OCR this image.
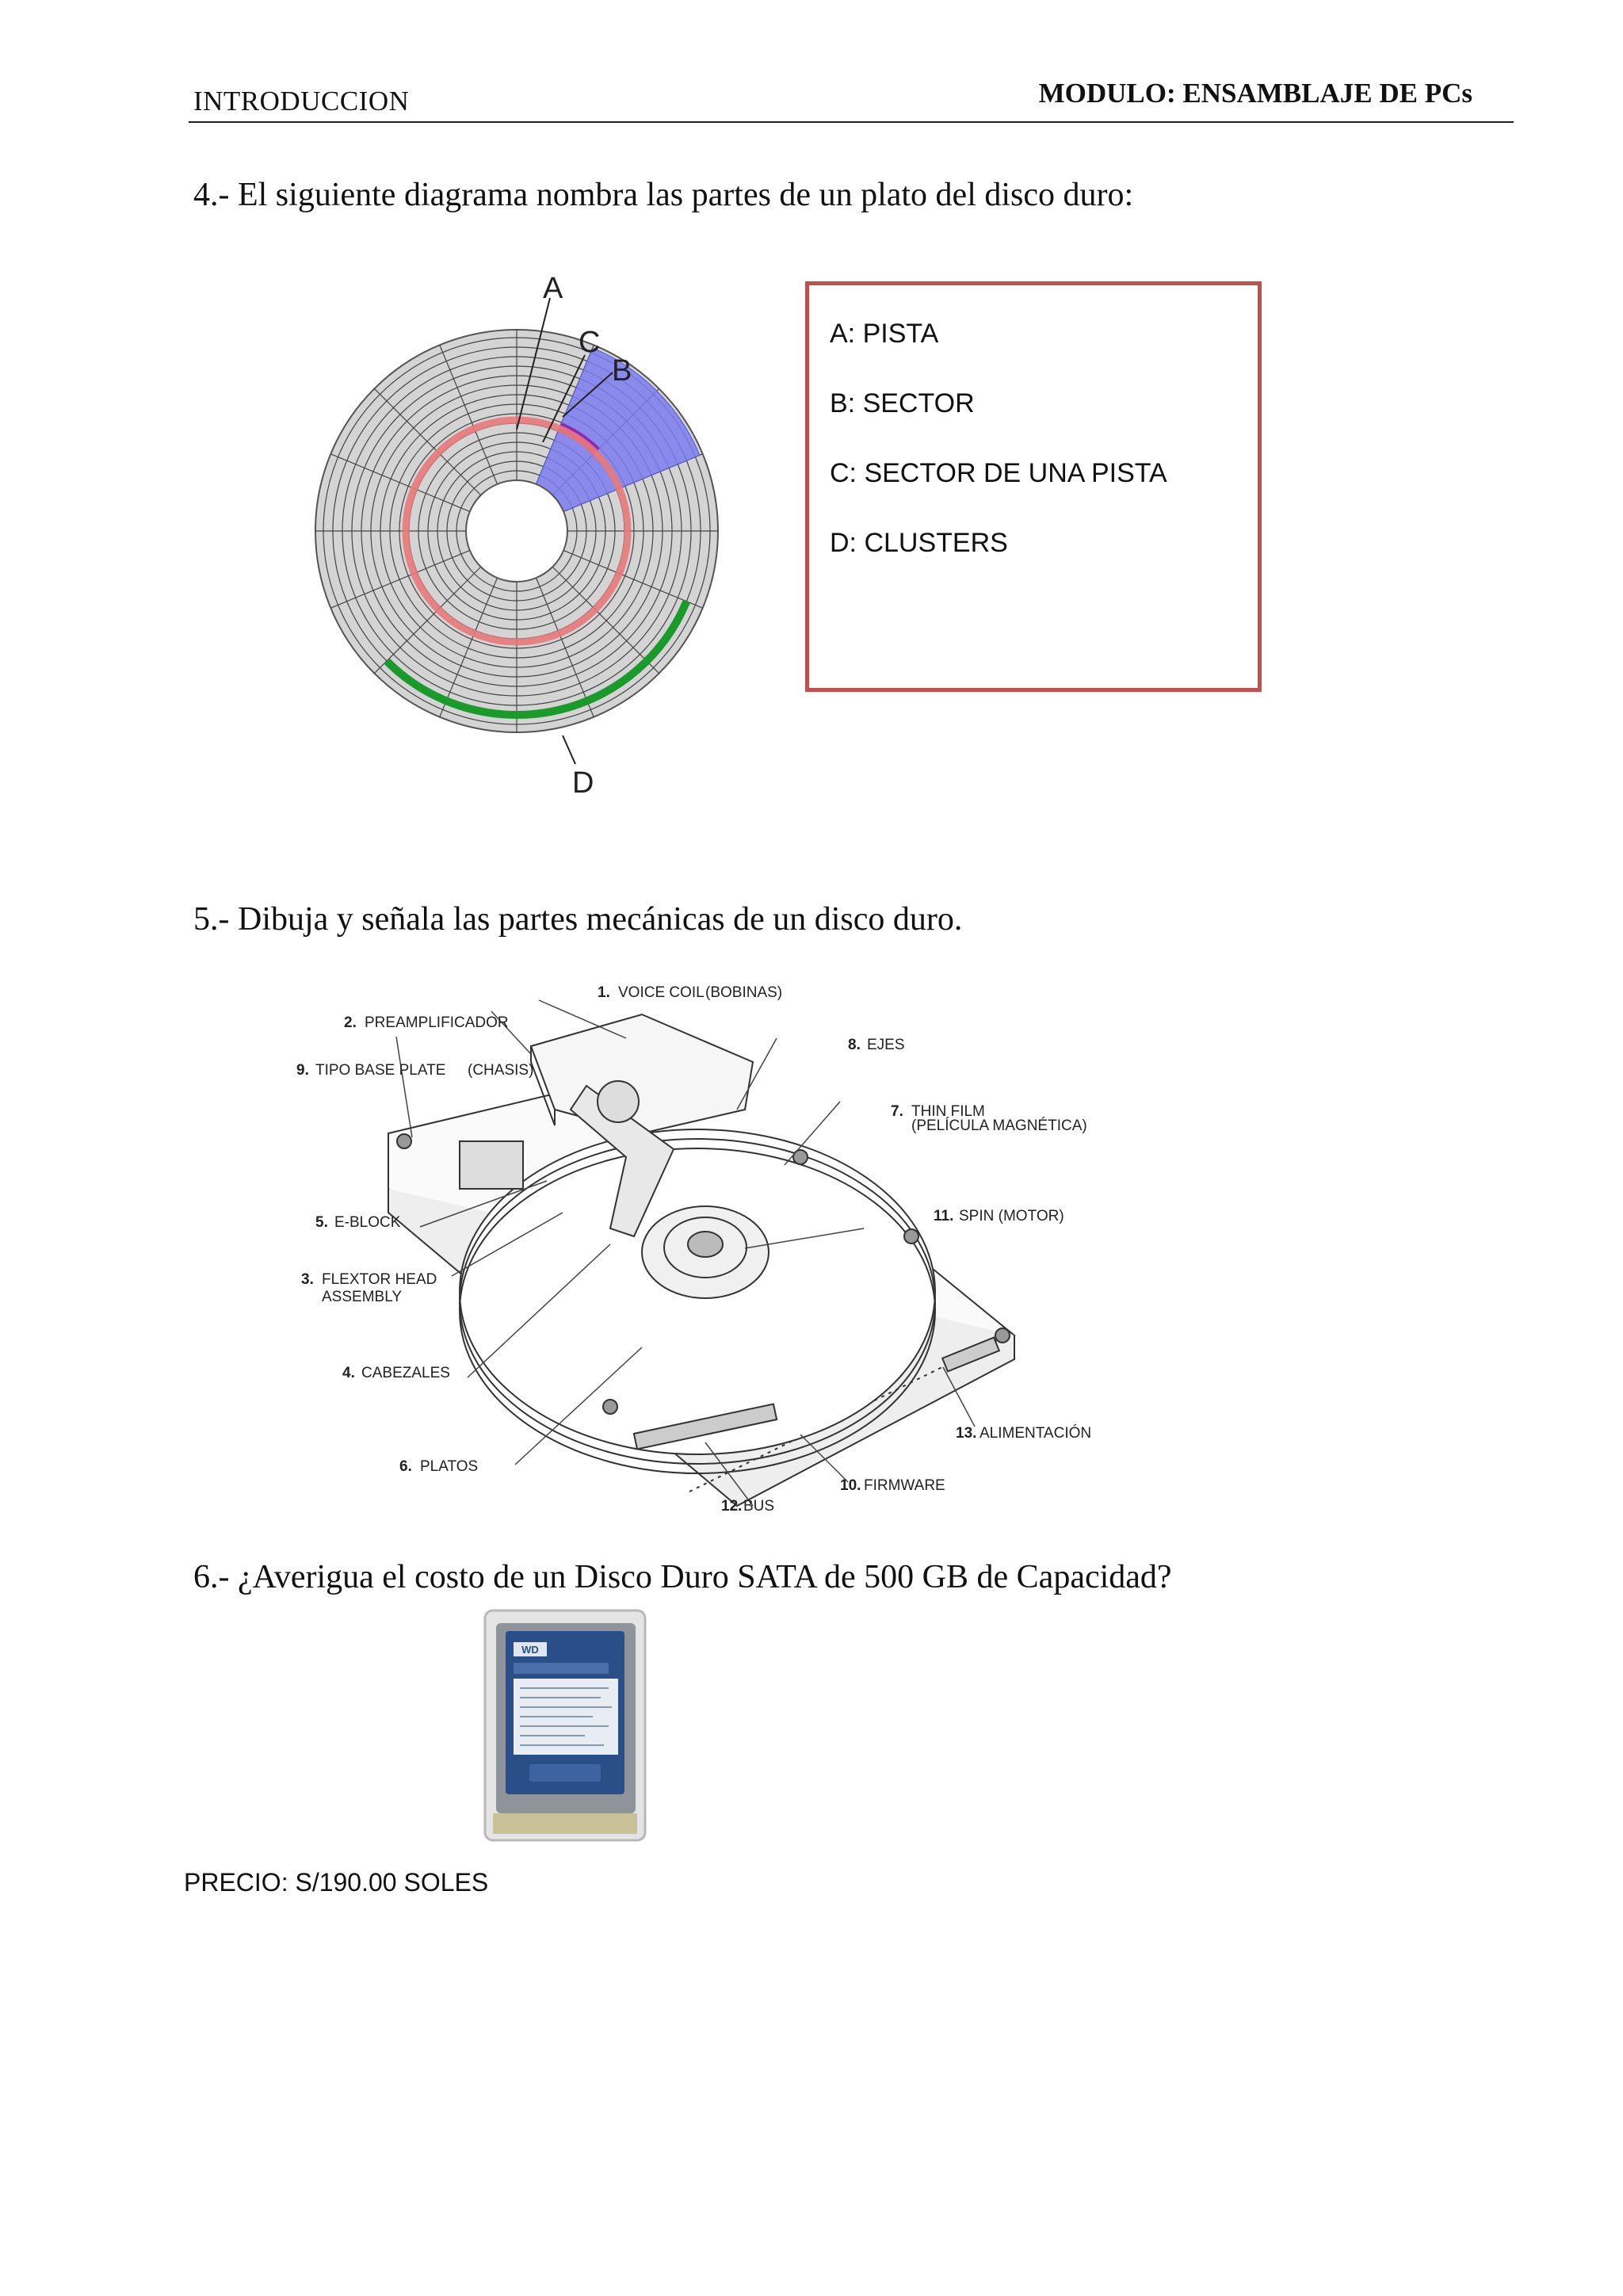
INTRODUCCION	MODULO: ENSAMBLAJE DE PCs
4.- El siguiente diagrama nombra las partes de un plato del disco duro:
A
C
B
D
A: PISTA
B: SECTOR
C: SECTOR DE UNA PISTA
D: CLUSTERS
5.- Dibuja y señala las partes mecánicas de un disco duro.
1. VOICE COIL (BOBINAS)
2. PREAMPLIFICADOR
9. TIPO BASE PLATE (CHASIS)
8. EJES
7. THIN FILM
(PELÍCULA MAGNÉTICA)
11. SPIN (MOTOR)
5. E-BLOCK
3. FLEXTOR HEAD
ASSEMBLY
4. CABEZALES
13. ALIMENTACIÓN
6. PLATOS
10. FIRMWARE
12. BUS
6.- ¿Averigua el costo de un Disco Duro SATA de 500 GB de Capacidad?
WD
PRECIO: S/190.00 SOLES
